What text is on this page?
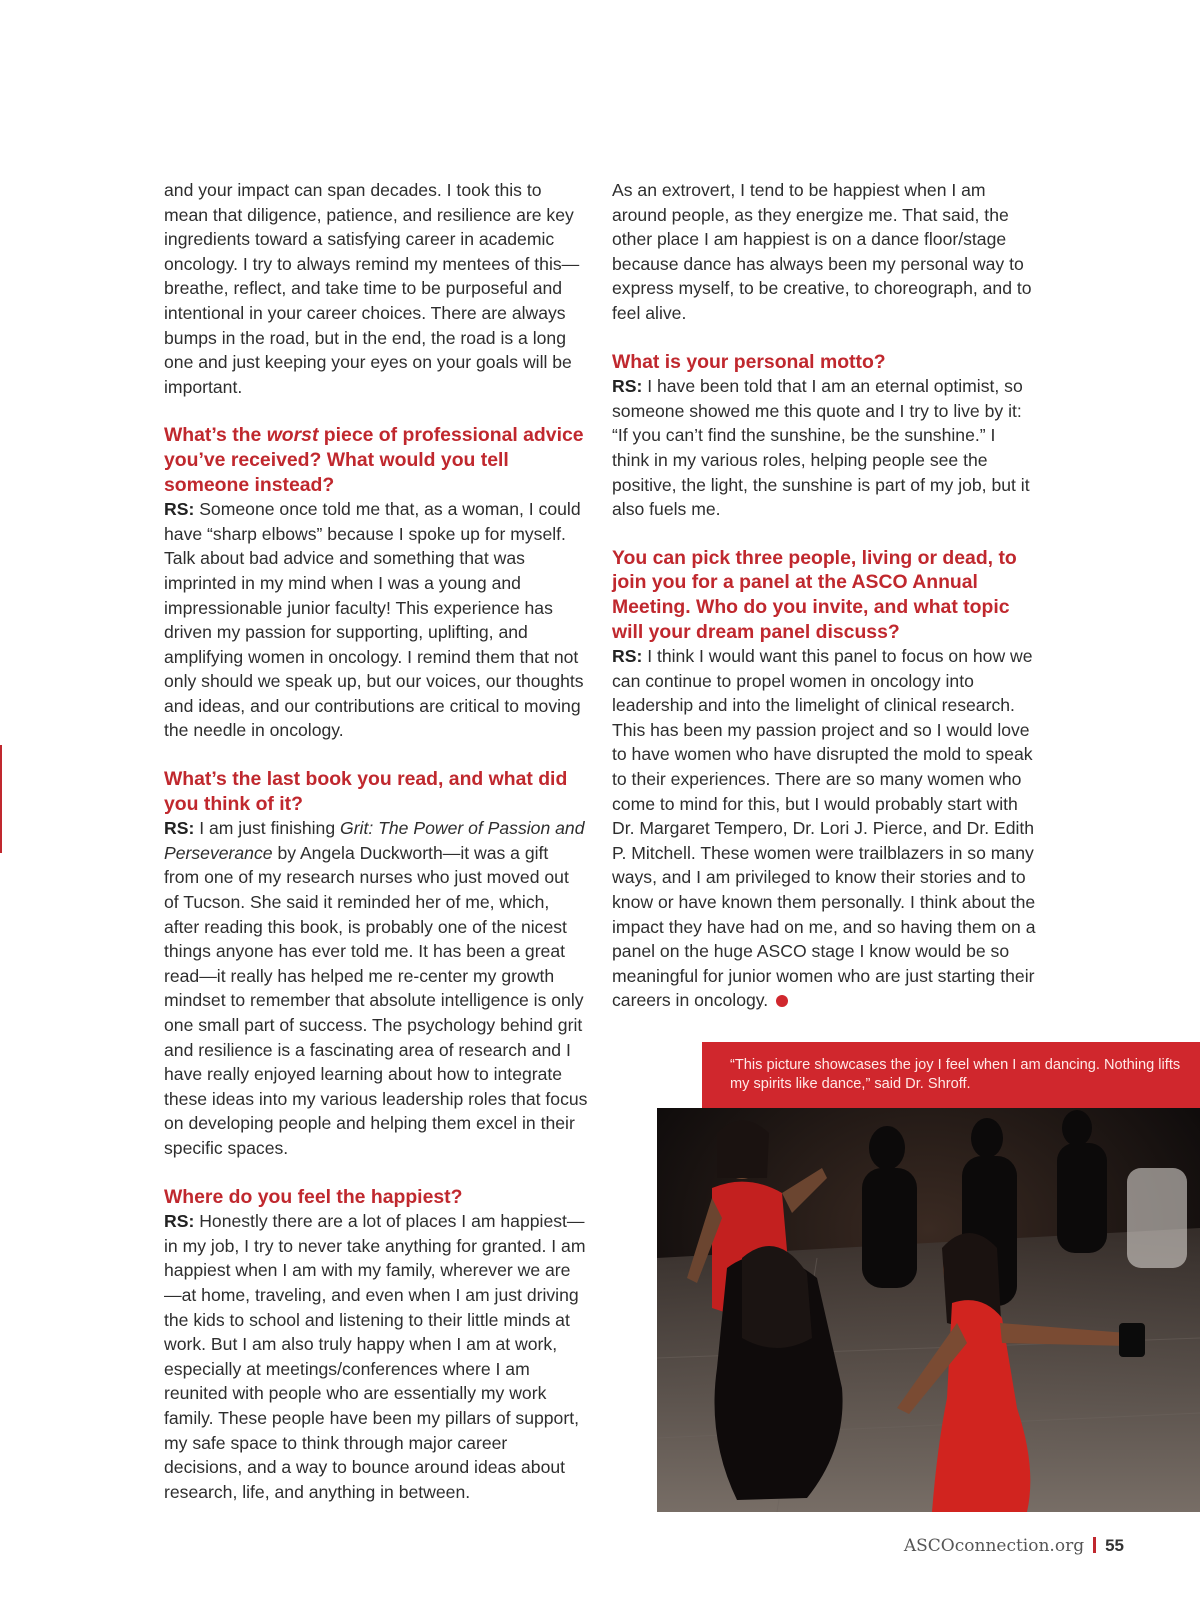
and your impact can span decades. I took this to mean that diligence, patience, and resilience are key ingredients toward a satisfying career in academic oncology. I try to always remind my mentees of this—breathe, reflect, and take time to be purposeful and intentional in your career choices. There are always bumps in the road, but in the end, the road is a long one and just keeping your eyes on your goals will be important.

What’s the worst piece of professional advice you’ve received? What would you tell someone instead?

RS: Someone once told me that, as a woman, I could have “sharp elbows” because I spoke up for myself. Talk about bad advice and something that was imprinted in my mind when I was a young and impressionable junior faculty! This experience has driven my passion for supporting, uplifting, and amplifying women in oncology. I remind them that not only should we speak up, but our voices, our thoughts and ideas, and our contributions are critical to moving the needle in oncology.

What’s the last book you read, and what did you think of it?

RS: I am just finishing Grit: The Power of Passion and Perseverance by Angela Duckworth—it was a gift from one of my research nurses who just moved out of Tucson. She said it reminded her of me, which, after reading this book, is probably one of the nicest things anyone has ever told me. It has been a great read—it really has helped me re-center my growth mindset to remember that absolute intelligence is only one small part of success. The psychology behind grit and resilience is a fascinating area of research and I have really enjoyed learning about how to integrate these ideas into my various leadership roles that focus on developing people and helping them excel in their specific spaces.

Where do you feel the happiest?

RS: Honestly there are a lot of places I am happiest—in my job, I try to never take anything for granted. I am happiest when I am with my family, wherever we are—at home, traveling, and even when I am just driving the kids to school and listening to their little minds at work. But I am also truly happy when I am at work, especially at meetings/conferences where I am reunited with people who are essentially my work family. These people have been my pillars of support, my safe space to think through major career decisions, and a way to bounce around ideas about research, life, and anything in between.

As an extrovert, I tend to be happiest when I am around people, as they energize me. That said, the other place I am happiest is on a dance floor/stage because dance has always been my personal way to express myself, to be creative, to choreograph, and to feel alive.

What is your personal motto?

RS: I have been told that I am an eternal optimist, so someone showed me this quote and I try to live by it: “If you can’t find the sunshine, be the sunshine.” I think in my various roles, helping people see the positive, the light, the sunshine is part of my job, but it also fuels me.

You can pick three people, living or dead, to join you for a panel at the ASCO Annual Meeting. Who do you invite, and what topic will your dream panel discuss?

RS: I think I would want this panel to focus on how we can continue to propel women in oncology into leadership and into the limelight of clinical research. This has been my passion project and so I would love to have women who have disrupted the mold to speak to their experiences. There are so many women who come to mind for this, but I would probably start with Dr. Margaret Tempero, Dr. Lori J. Pierce, and Dr. Edith P. Mitchell. These women were trailblazers in so many ways, and I am privileged to know their stories and to know or have known them personally. I think about the impact they have had on me, and so having them on a panel on the huge ASCO stage I know would be so meaningful for junior women who are just starting their careers in oncology.

“This picture showcases the joy I feel when I am dancing. Nothing lifts my spirits like dance,” said Dr. Shroff.
ASCOconnection.org 55
